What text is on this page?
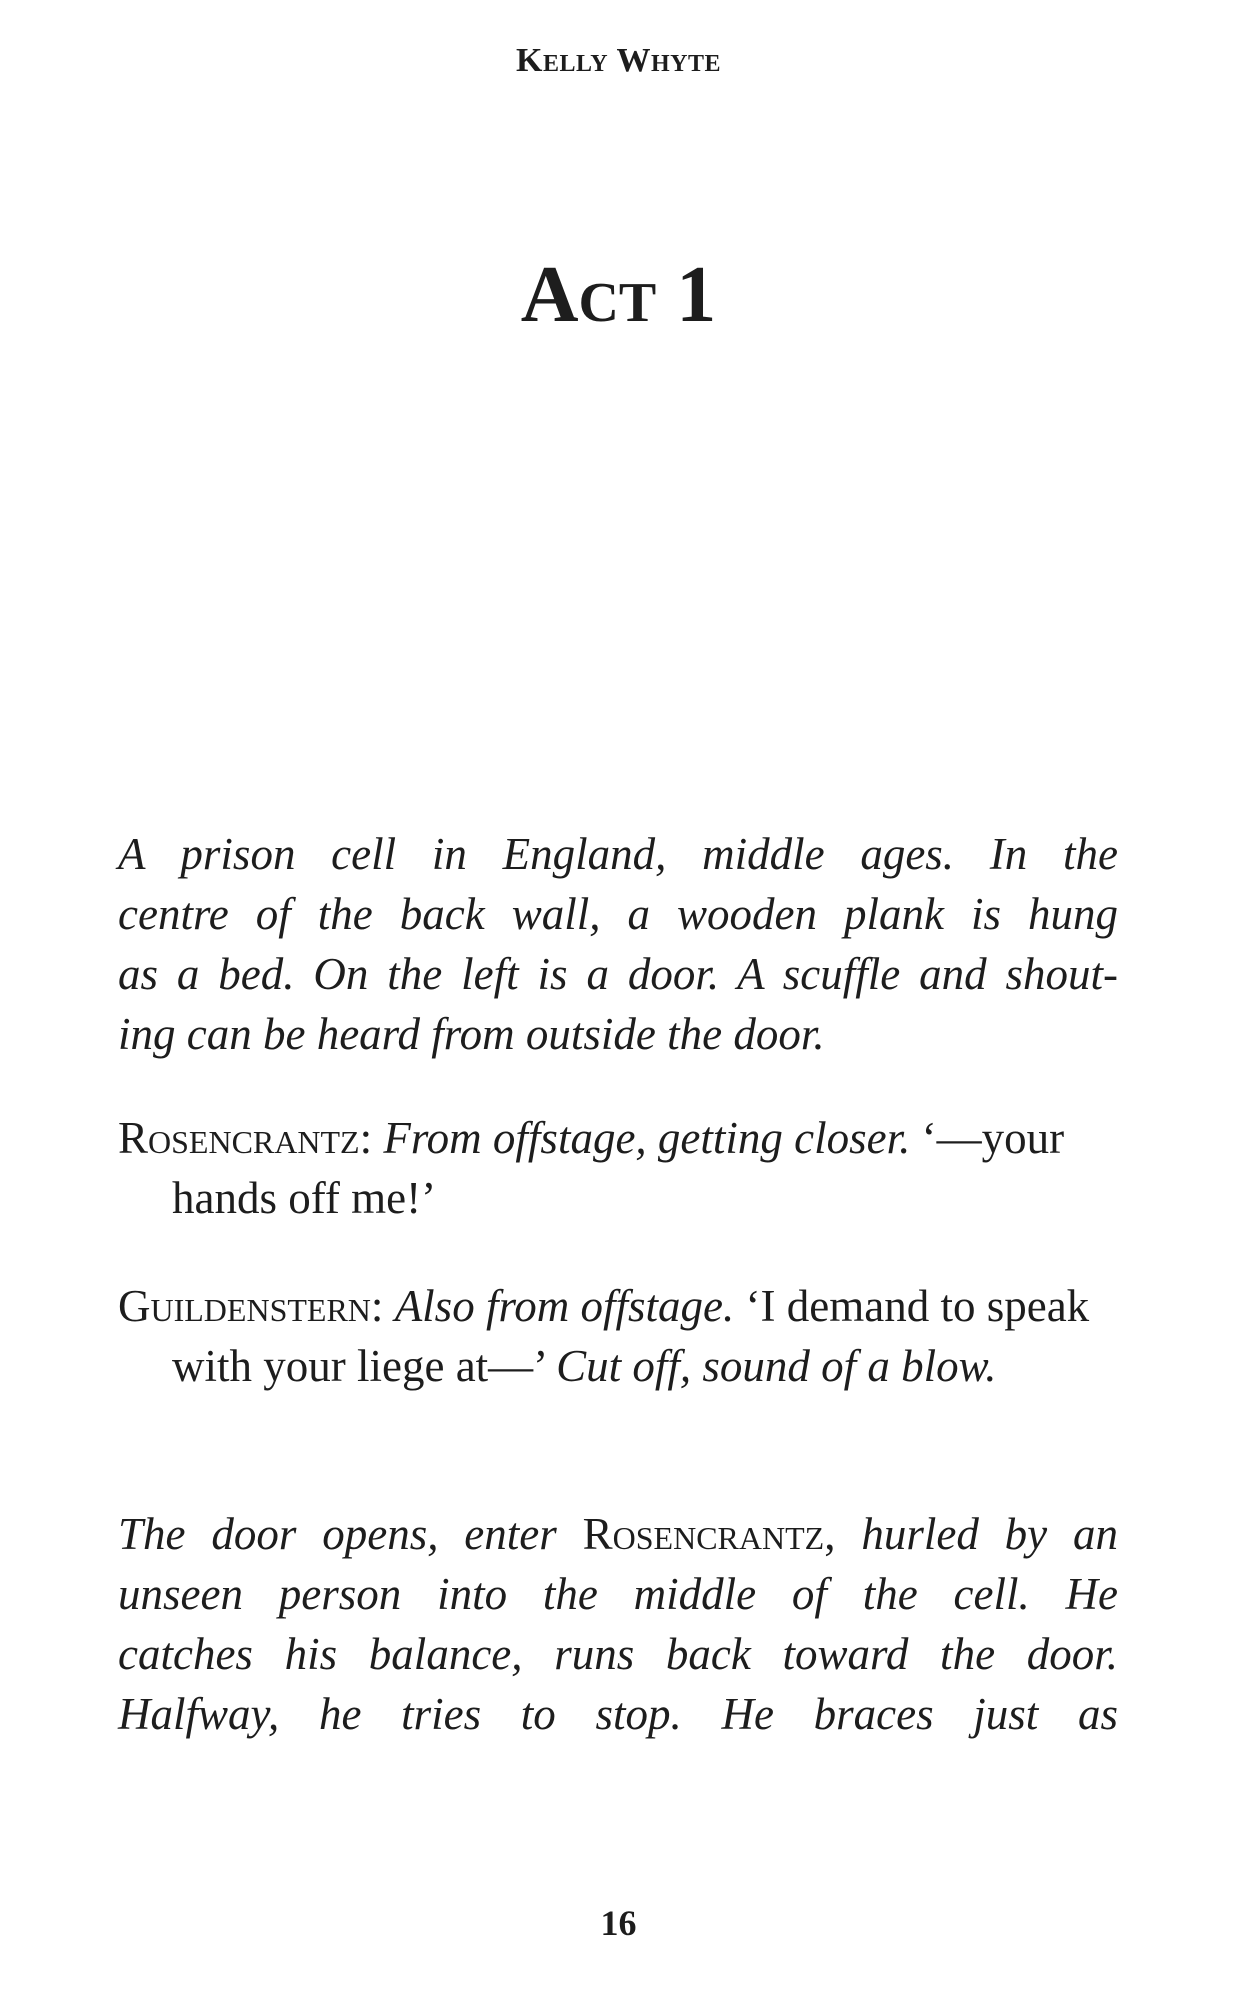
Kelly Whyte
Act 1
A prison cell in England, middle ages. In the
centre of the back wall, a wooden plank is hung
as a bed. On the left is a door. A scuffle and shout-
ing can be heard from outside the door.
Rosencrantz: From offstage, getting closer. ‘—your hands off me!’
Guildenstern: Also from offstage. ‘I demand to speak with your liege at—’ Cut off, sound of a blow.
The door opens, enter Rosencrantz, hurled by an
unseen person into the middle of the cell. He
catches his balance, runs back toward the door.
Halfway, he tries to stop. He braces just as
16
